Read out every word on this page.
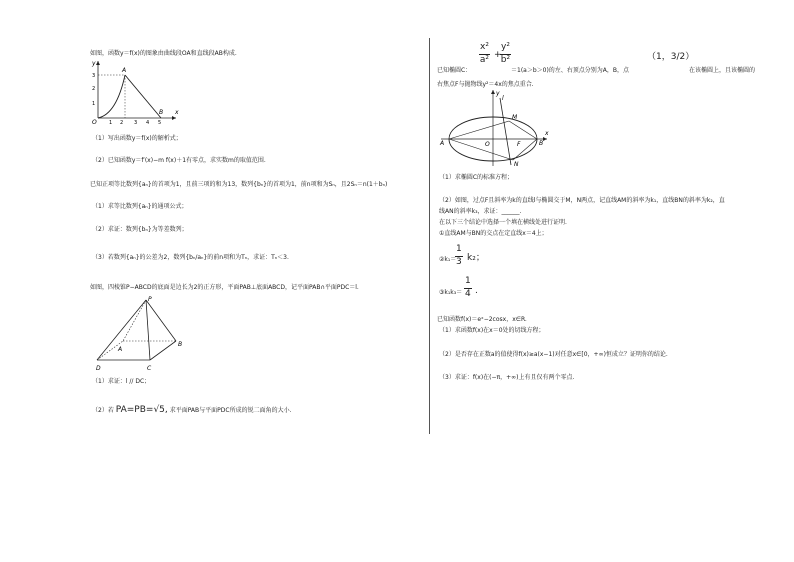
如图，函数y＝f(x)的图象由曲线段OA和直线段AB构成.
y
x
O
1
2
3
1 2 3 4 5
A
B
（1）写出函数y＝f(x)的解析式；
（2）已知函数y＝f′(x)−m f(x)＋1有零点，求实数m的取值范围.
已知正项等比数列{aₙ}的首项为1，且前三项的和为13，数列{bₙ}的首项为1，前n项和为Sₙ，且2Sₙ＝n(1＋bₙ)
（1）求等比数列{aₙ}的通项公式；
（2）求证：数列{bₙ}为等差数列；
（3）若数列{aₙ}的公差为2，数列{bₙ/aₙ}的前n项和为Tₙ，求证：Tₙ＜3.
如图，四棱锥P−ABCD的底面是边长为2的正方形，平面PAB⊥底面ABCD，记平面PAB∩平面PDC＝l.
P
A
B
C
D
（1）求证：l // DC；
（2）若 PA=PB=√5, 求平面PAB与平面PDC所成的锐二面角的大小.
$\frac{\text{x²}}{\text{a²}}$ +
$\frac{\text{y²}}{\text{b²}}$
已知椭圆C：	＝1(a＞b＞0)的左、右顶点分别为A，B，点
（1，3/2）
在该椭圆上，且该椭圆的
右焦点F与抛物线y²＝4x的焦点重合.
A	B
O	F
M
N
l
x
y
（1）求椭圆C的标准方程；
（2）如图，过点F且斜率为k的直线l与椭圆交于M，N两点，记直线AM的斜率为k₁，直线BN的斜率为k₂，直
线AN的斜率k₃，求证：______.
在以下三个结论中选择一个填在横线处进行证明.
①直线AM与BN的交点在定直线x＝4上；
②k₁＝
$\frac{1}{3} k_2$；
③k₁k₃＝ $\frac{1}{4}$ .
已知函数f(x)＝eˣ−2cosx，x∈R.
（1）求函数f(x)在x＝0处的切线方程；
（2）是否存在正数a的值使得f(x)≥a(x−1)对任意x∈[0，+∞)恒成立？证明你的结论.
（3）求证：f(x)在(−π，+∞)上有且仅有两个零点.
